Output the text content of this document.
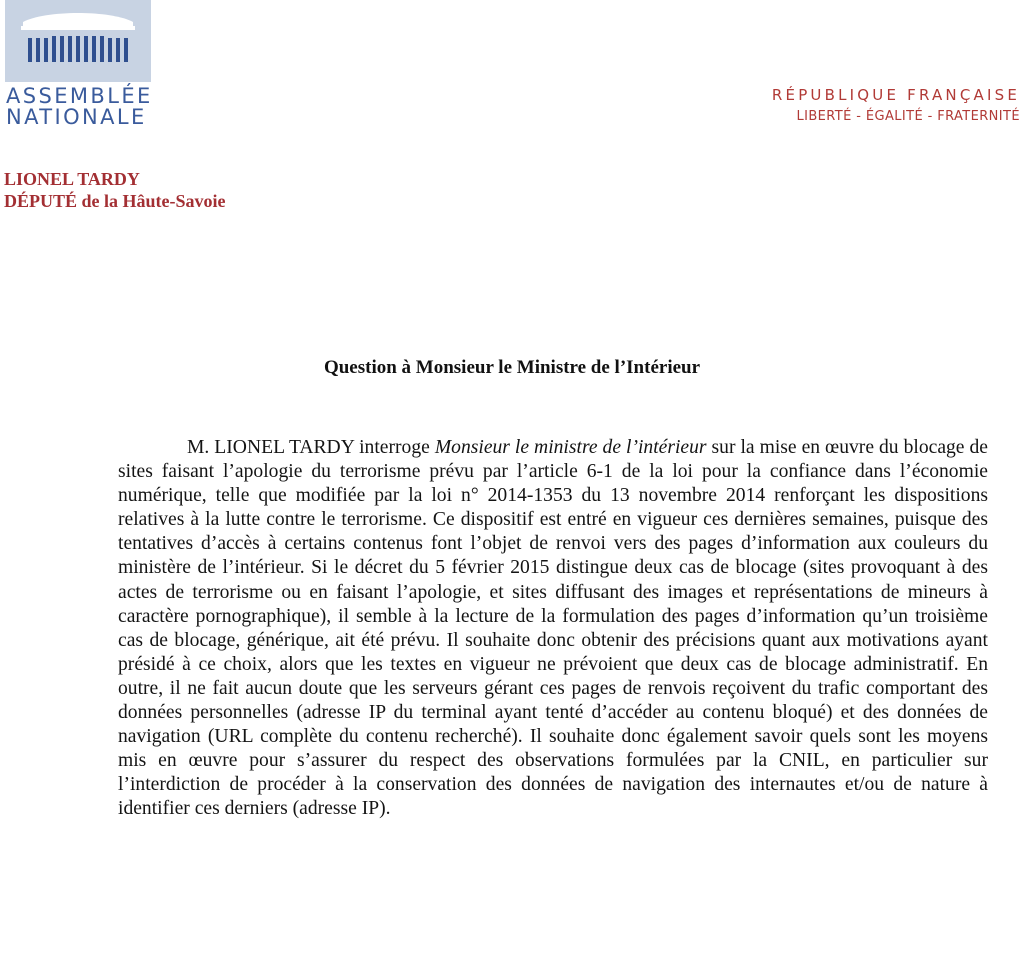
ASSEMBLÉE
NATIONALE
RÉPUBLIQUE FRANÇAISE
LIBERTÉ - ÉGALITÉ - FRATERNITÉ
LIONEL TARDY
DÉPUTÉ de la Hâute-Savoie
Question à Monsieur le Ministre de l’Intérieur

M. LIONEL TARDY interroge Monsieur le ministre de l’intérieur sur la mise en œuvre du blocage de sites faisant l’apologie du terrorisme prévu par l’article 6-1 de la loi pour la confiance dans l’économie numérique, telle que modifiée par la loi n° 2014-1353 du 13 novembre 2014 renforçant les dispositions relatives à la lutte contre le terrorisme. Ce dispositif est entré en vigueur ces dernières semaines, puisque des tentatives d’accès à certains contenus font l’objet de renvoi vers des pages d’information aux couleurs du ministère de l’intérieur. Si le décret du 5 février 2015 distingue deux cas de blocage (sites provoquant à des actes de terrorisme ou en faisant l’apologie, et sites diffusant des images et représentations de mineurs à caractère pornographique), il semble à la lecture de la formulation des pages d’information qu’un troisième cas de blocage, générique, ait été prévu. Il souhaite donc obtenir des précisions quant aux motivations ayant présidé à ce choix, alors que les textes en vigueur ne prévoient que deux cas de blocage administratif. En outre, il ne fait aucun doute que les serveurs gérant ces pages de renvois reçoivent du trafic comportant des données personnelles (adresse IP du terminal ayant tenté d’accéder au contenu bloqué) et des données de navigation (URL complète du contenu recherché). Il souhaite donc également savoir quels sont les moyens mis en œuvre pour s’assurer du respect des observations formulées par la CNIL, en particulier sur l’interdiction de procéder à la conservation des données de navigation des internautes et/ou de nature à identifier ces derniers (adresse IP).
